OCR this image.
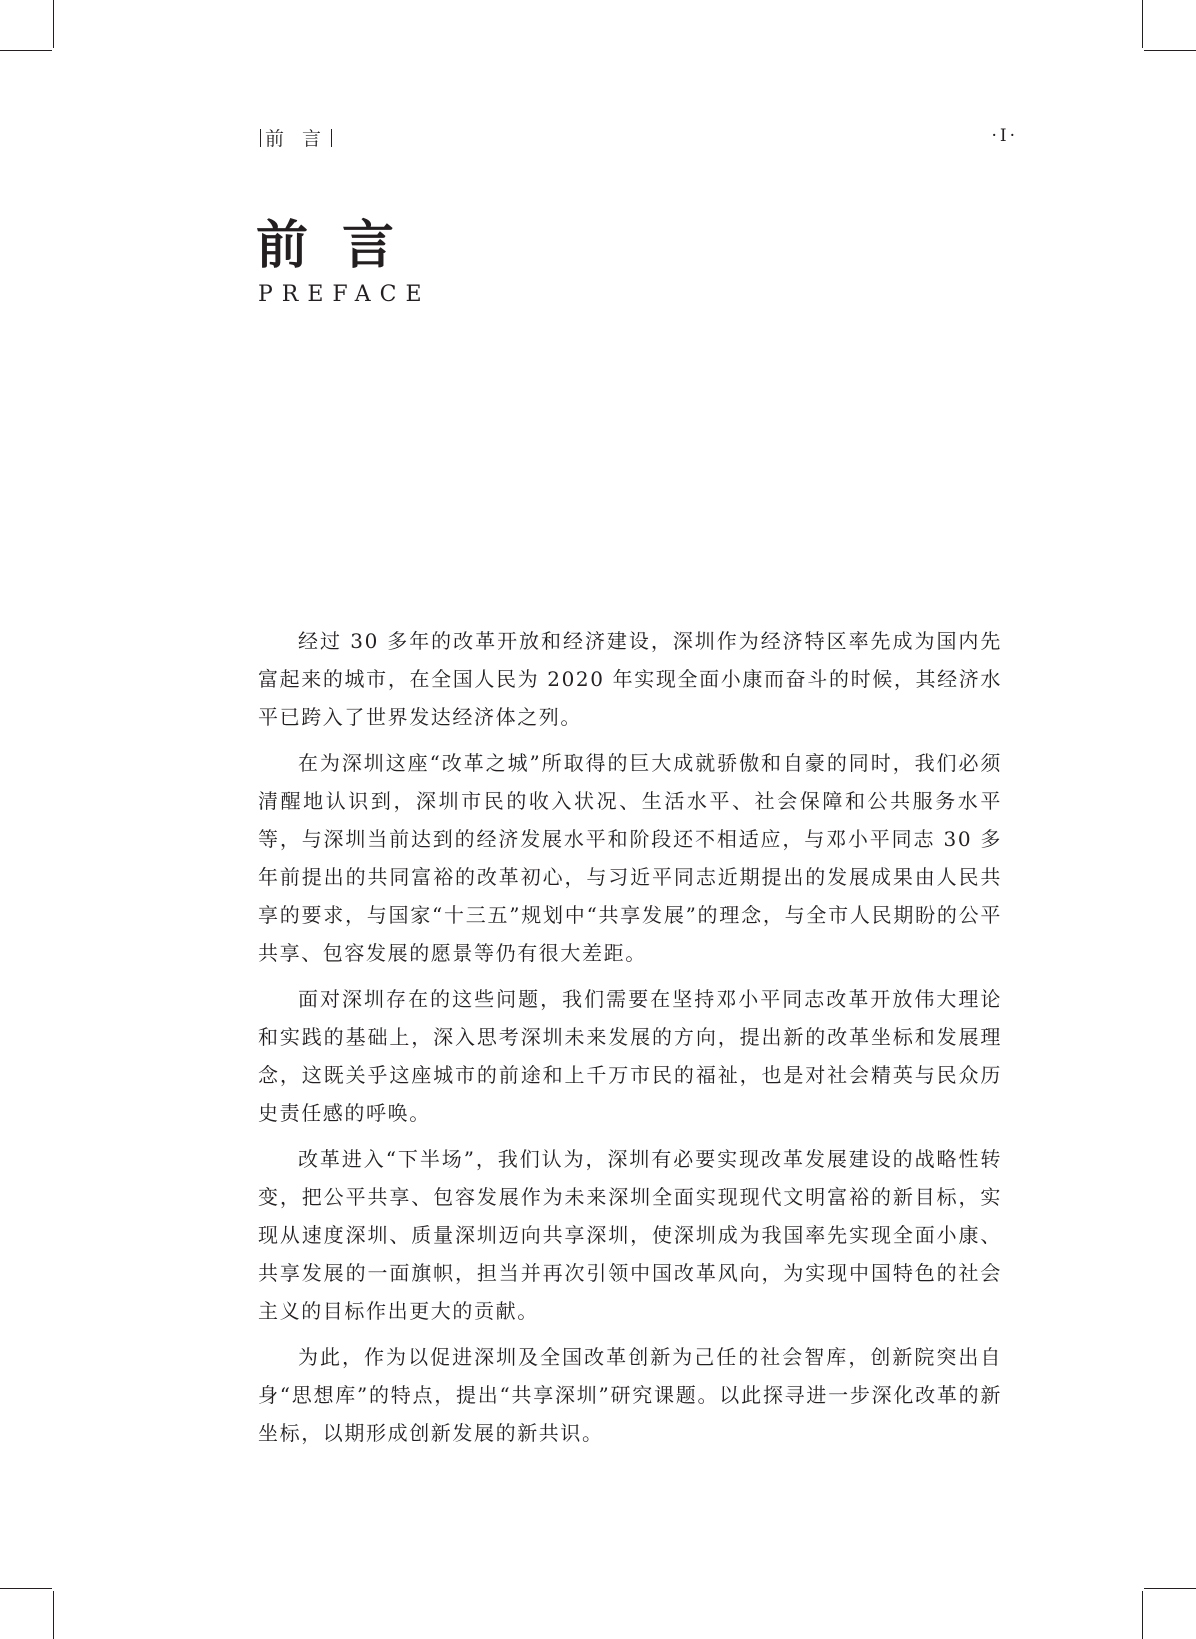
前 言	·I·
前言
PREFACE

经过 30 多年的改革开放和经济建设，深圳作为经济特区率先成为国内先富起来的城市，在全国人民为 2020 年实现全面小康而奋斗的时候，其经济水平已跨入了世界发达经济体之列。

在为深圳这座“改革之城”所取得的巨大成就骄傲和自豪的同时，我们必须清醒地认识到，深圳市民的收入状况、生活水平、社会保障和公共服务水平等，与深圳当前达到的经济发展水平和阶段还不相适应，与邓小平同志 30 多年前提出的共同富裕的改革初心，与习近平同志近期提出的发展成果由人民共享的要求，与国家“十三五”规划中“共享发展”的理念，与全市人民期盼的公平共享、包容发展的愿景等仍有很大差距。

面对深圳存在的这些问题，我们需要在坚持邓小平同志改革开放伟大理论和实践的基础上，深入思考深圳未来发展的方向，提出新的改革坐标和发展理念，这既关乎这座城市的前途和上千万市民的福祉，也是对社会精英与民众历史责任感的呼唤。

改革进入“下半场”，我们认为，深圳有必要实现改革发展建设的战略性转变，把公平共享、包容发展作为未来深圳全面实现现代文明富裕的新目标，实现从速度深圳、质量深圳迈向共享深圳，使深圳成为我国率先实现全面小康、共享发展的一面旗帜，担当并再次引领中国改革风向，为实现中国特色的社会主义的目标作出更大的贡献。

为此，作为以促进深圳及全国改革创新为己任的社会智库，创新院突出自身“思想库”的特点，提出“共享深圳”研究课题。以此探寻进一步深化改革的新坐标，以期形成创新发展的新共识。
